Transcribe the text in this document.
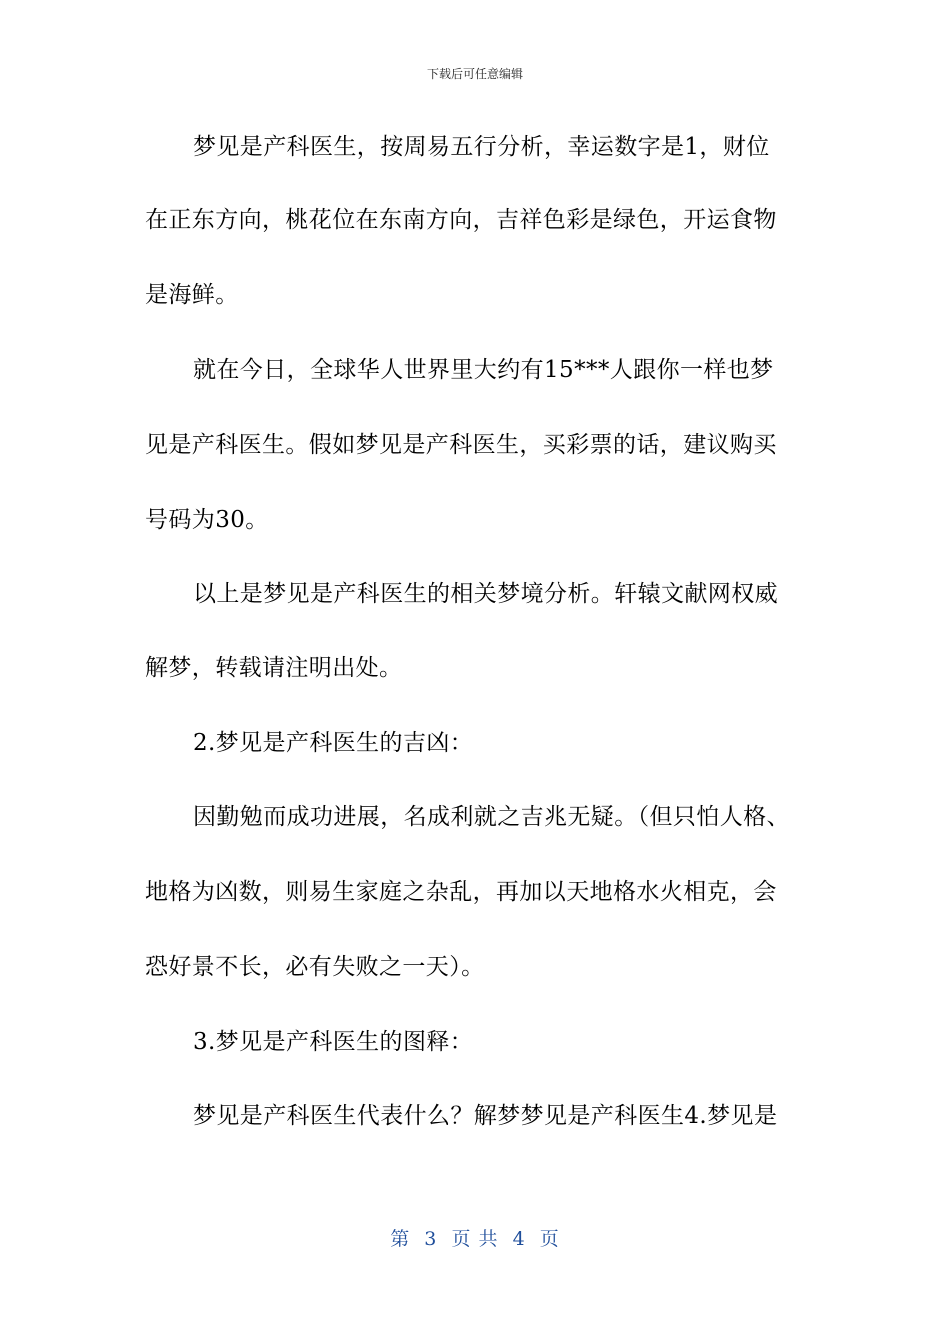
下载后可任意编辑
梦见是产科医生，按周易五行分析，幸运数字是1，财位
在正东方向，桃花位在东南方向，吉祥色彩是绿色，开运食物
是海鲜。
就在今日，全球华人世界里大约有15***人跟你一样也梦
见是产科医生。假如梦见是产科医生，买彩票的话，建议购买
号码为30。
以上是梦见是产科医生的相关梦境分析。轩辕文献网权威
解梦，转载请注明出处。
2.梦见是产科医生的吉凶：
因勤勉而成功进展，名成利就之吉兆无疑。（但只怕人格、
地格为凶数，则易生家庭之杂乱，再加以天地格水火相克，会
恐好景不长，必有失败之一天）。
3.梦见是产科医生的图释：
梦见是产科医生代表什么？解梦梦见是产科医生4.梦见是
第  3  页 共  4  页
